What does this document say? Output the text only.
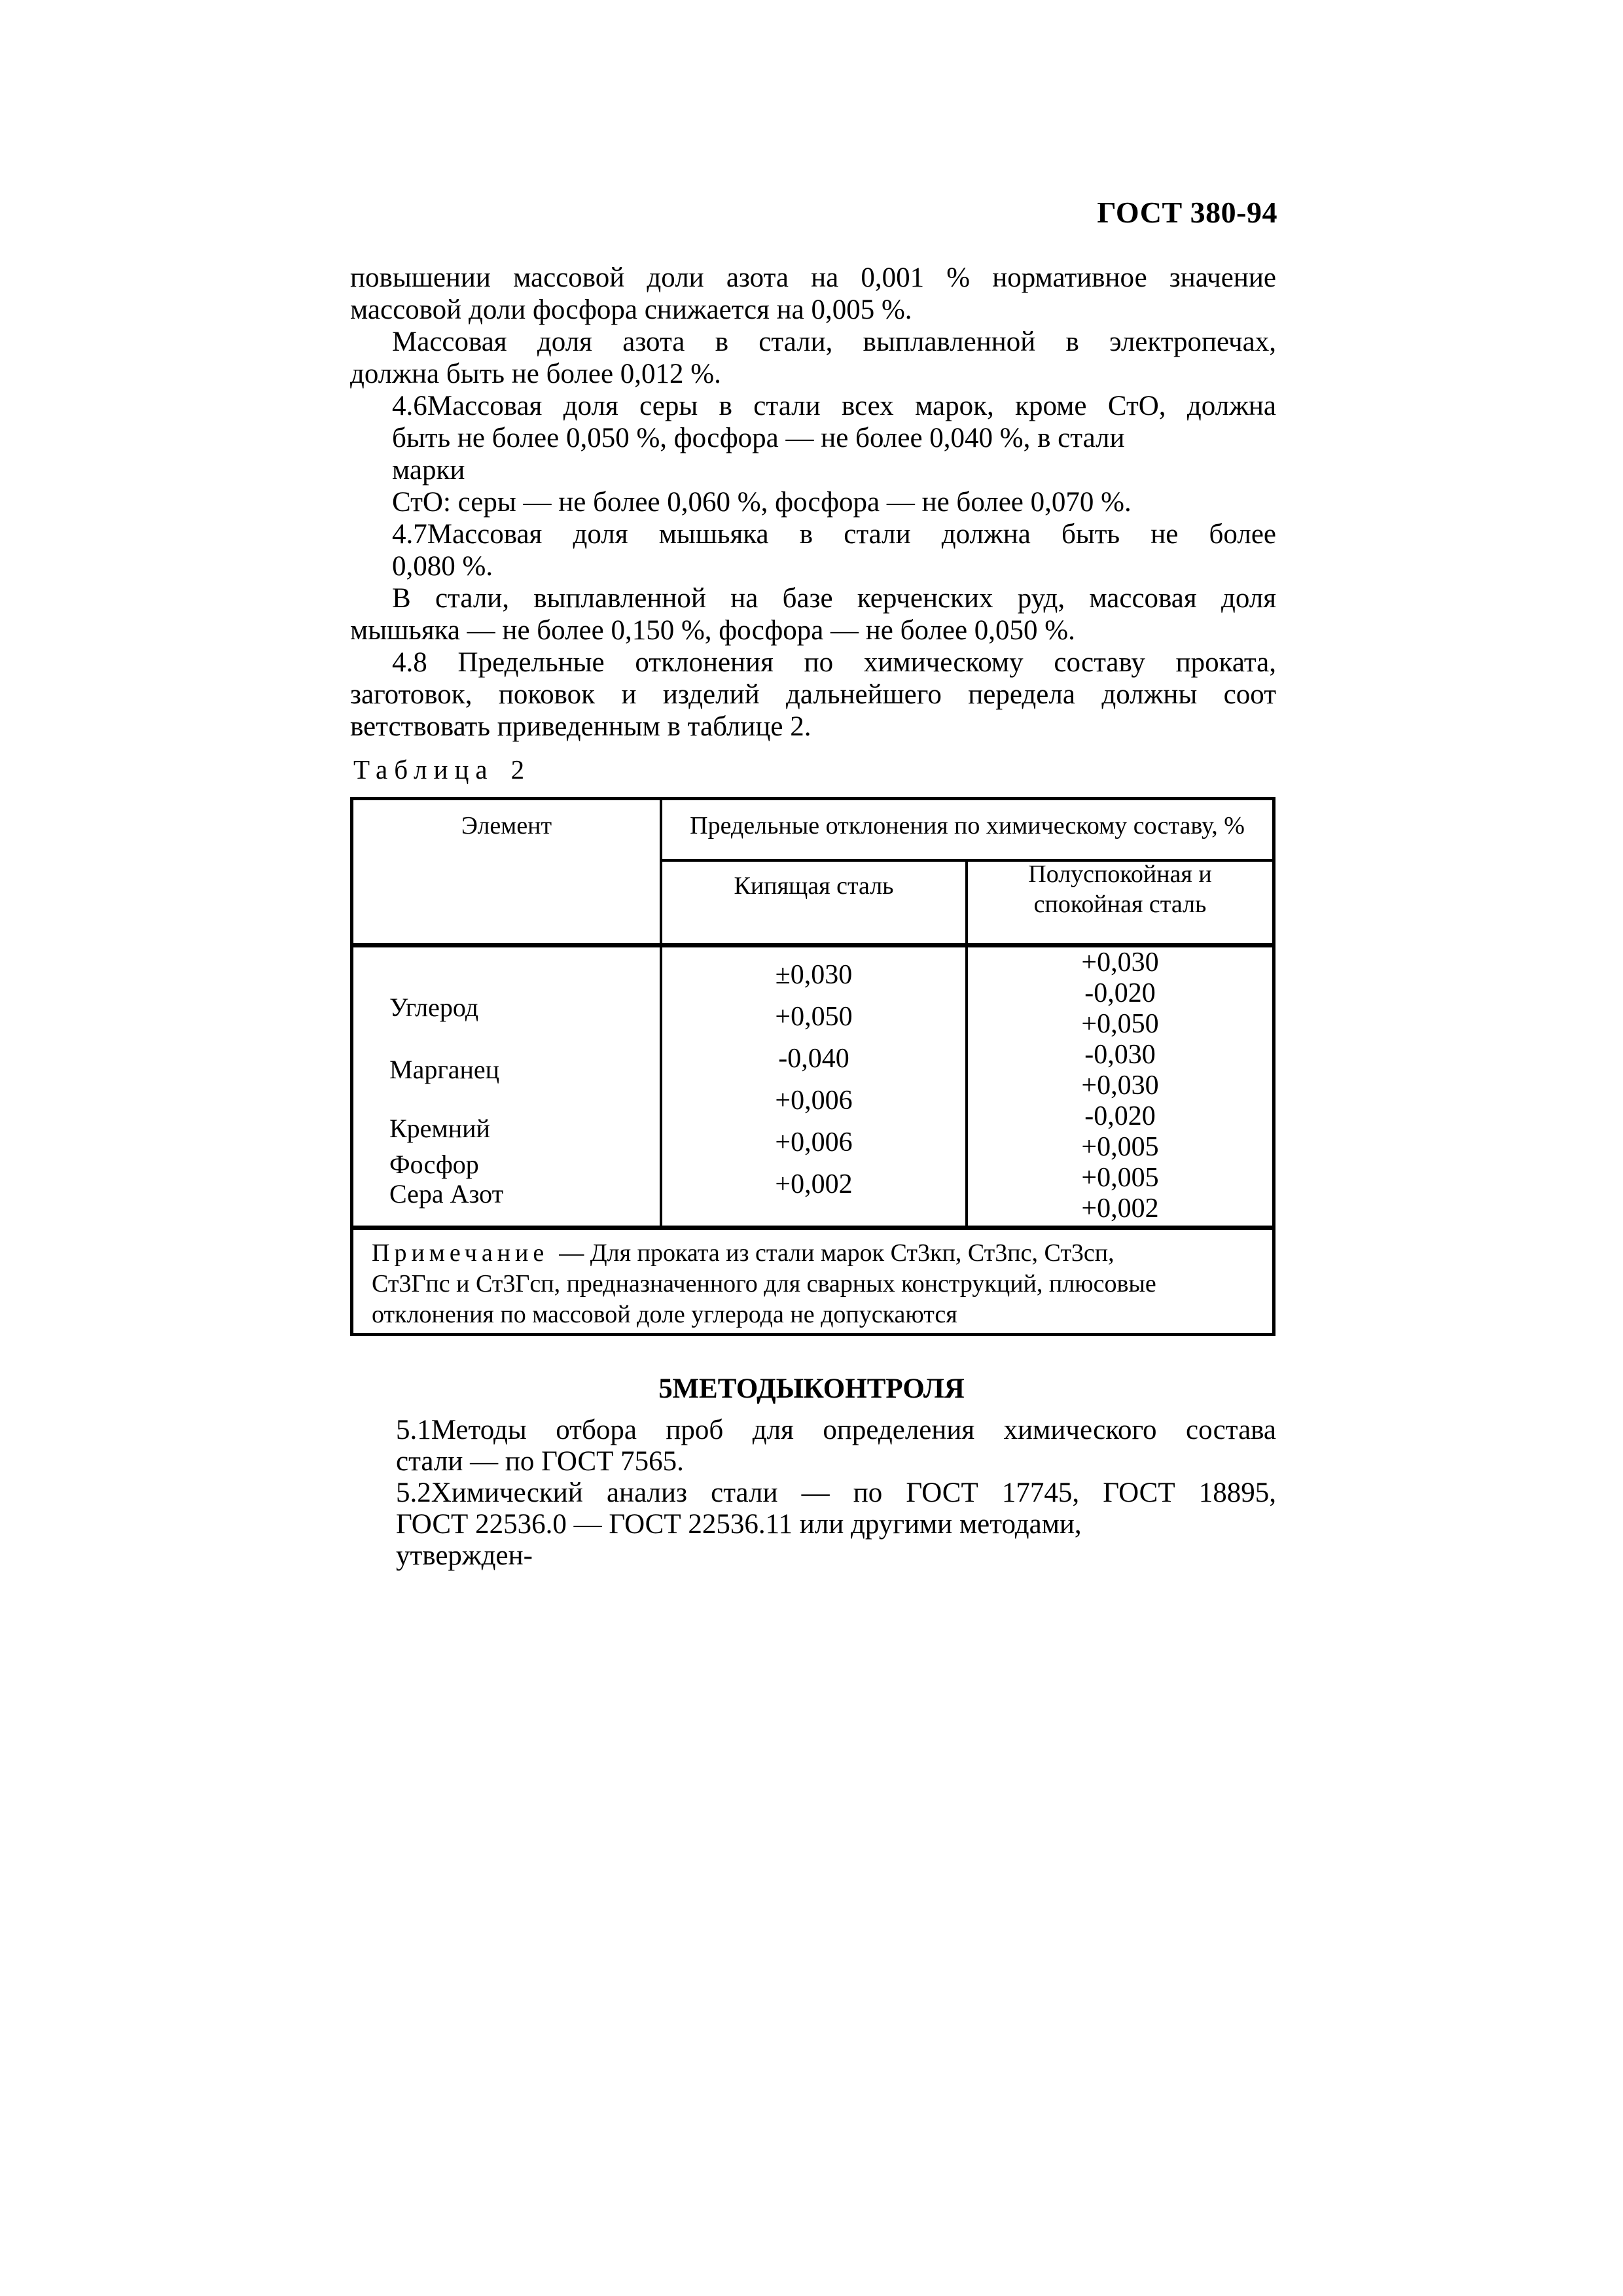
ГОСТ 380-94
повышении массовой доли азота на 0,001 % нормативное значение
массовой доли фосфора снижается на 0,005 %.
Массовая доля азота в стали, выплавленной в электропечах,
должна быть не более 0,012 %.
4.6Массовая доля серы в стали всех марок, кроме СтО, должна
быть не более 0,050 %, фосфора — не более 0,040 %, в стали
марки
СтО: серы — не более 0,060 %, фосфора — не более 0,070 %.
4.7Массовая доля мышьяка в стали должна быть не более
0,080 %.
В стали, выплавленной на базе керченских руд, массовая доля
мышьяка — не более 0,150 %, фосфора — не более 0,050 %.
4.8 Предельные отклонения по химическому составу проката,
заготовок, поковок и изделий дальнейшего передела должны соот
ветствовать приведенным в таблице 2.
Таблица 2
Элемент	Предельные отклонения по химическому составу, %
Кипящая сталь	Полуспокойная и
спокойная сталь
Углерод
Марганец
Кремний
Фосфор
Сера Азот
±0,030
+0,050
-0,040
+0,006
+0,006
+0,002
+0,030
-0,020
+0,050
-0,030
+0,030
-0,020
+0,005
+0,005
+0,002
Примечание — Для проката из стали марок Ст3кп, Ст3пс, Ст3сп,
Ст3Гпс и Ст3Гсп, предназначенного для сварных конструкций, плюсовые
отклонения по массовой доле углерода не допускаются
5 МЕТОДЫ КОНТРОЛЯ
5.1Методы отбора проб для определения химического состава
стали — по ГОСТ 7565.
5.2Химический анализ стали — по ГОСТ 17745, ГОСТ 18895,
ГОСТ 22536.0 — ГОСТ 22536.11 или другими методами,
утвержден-
